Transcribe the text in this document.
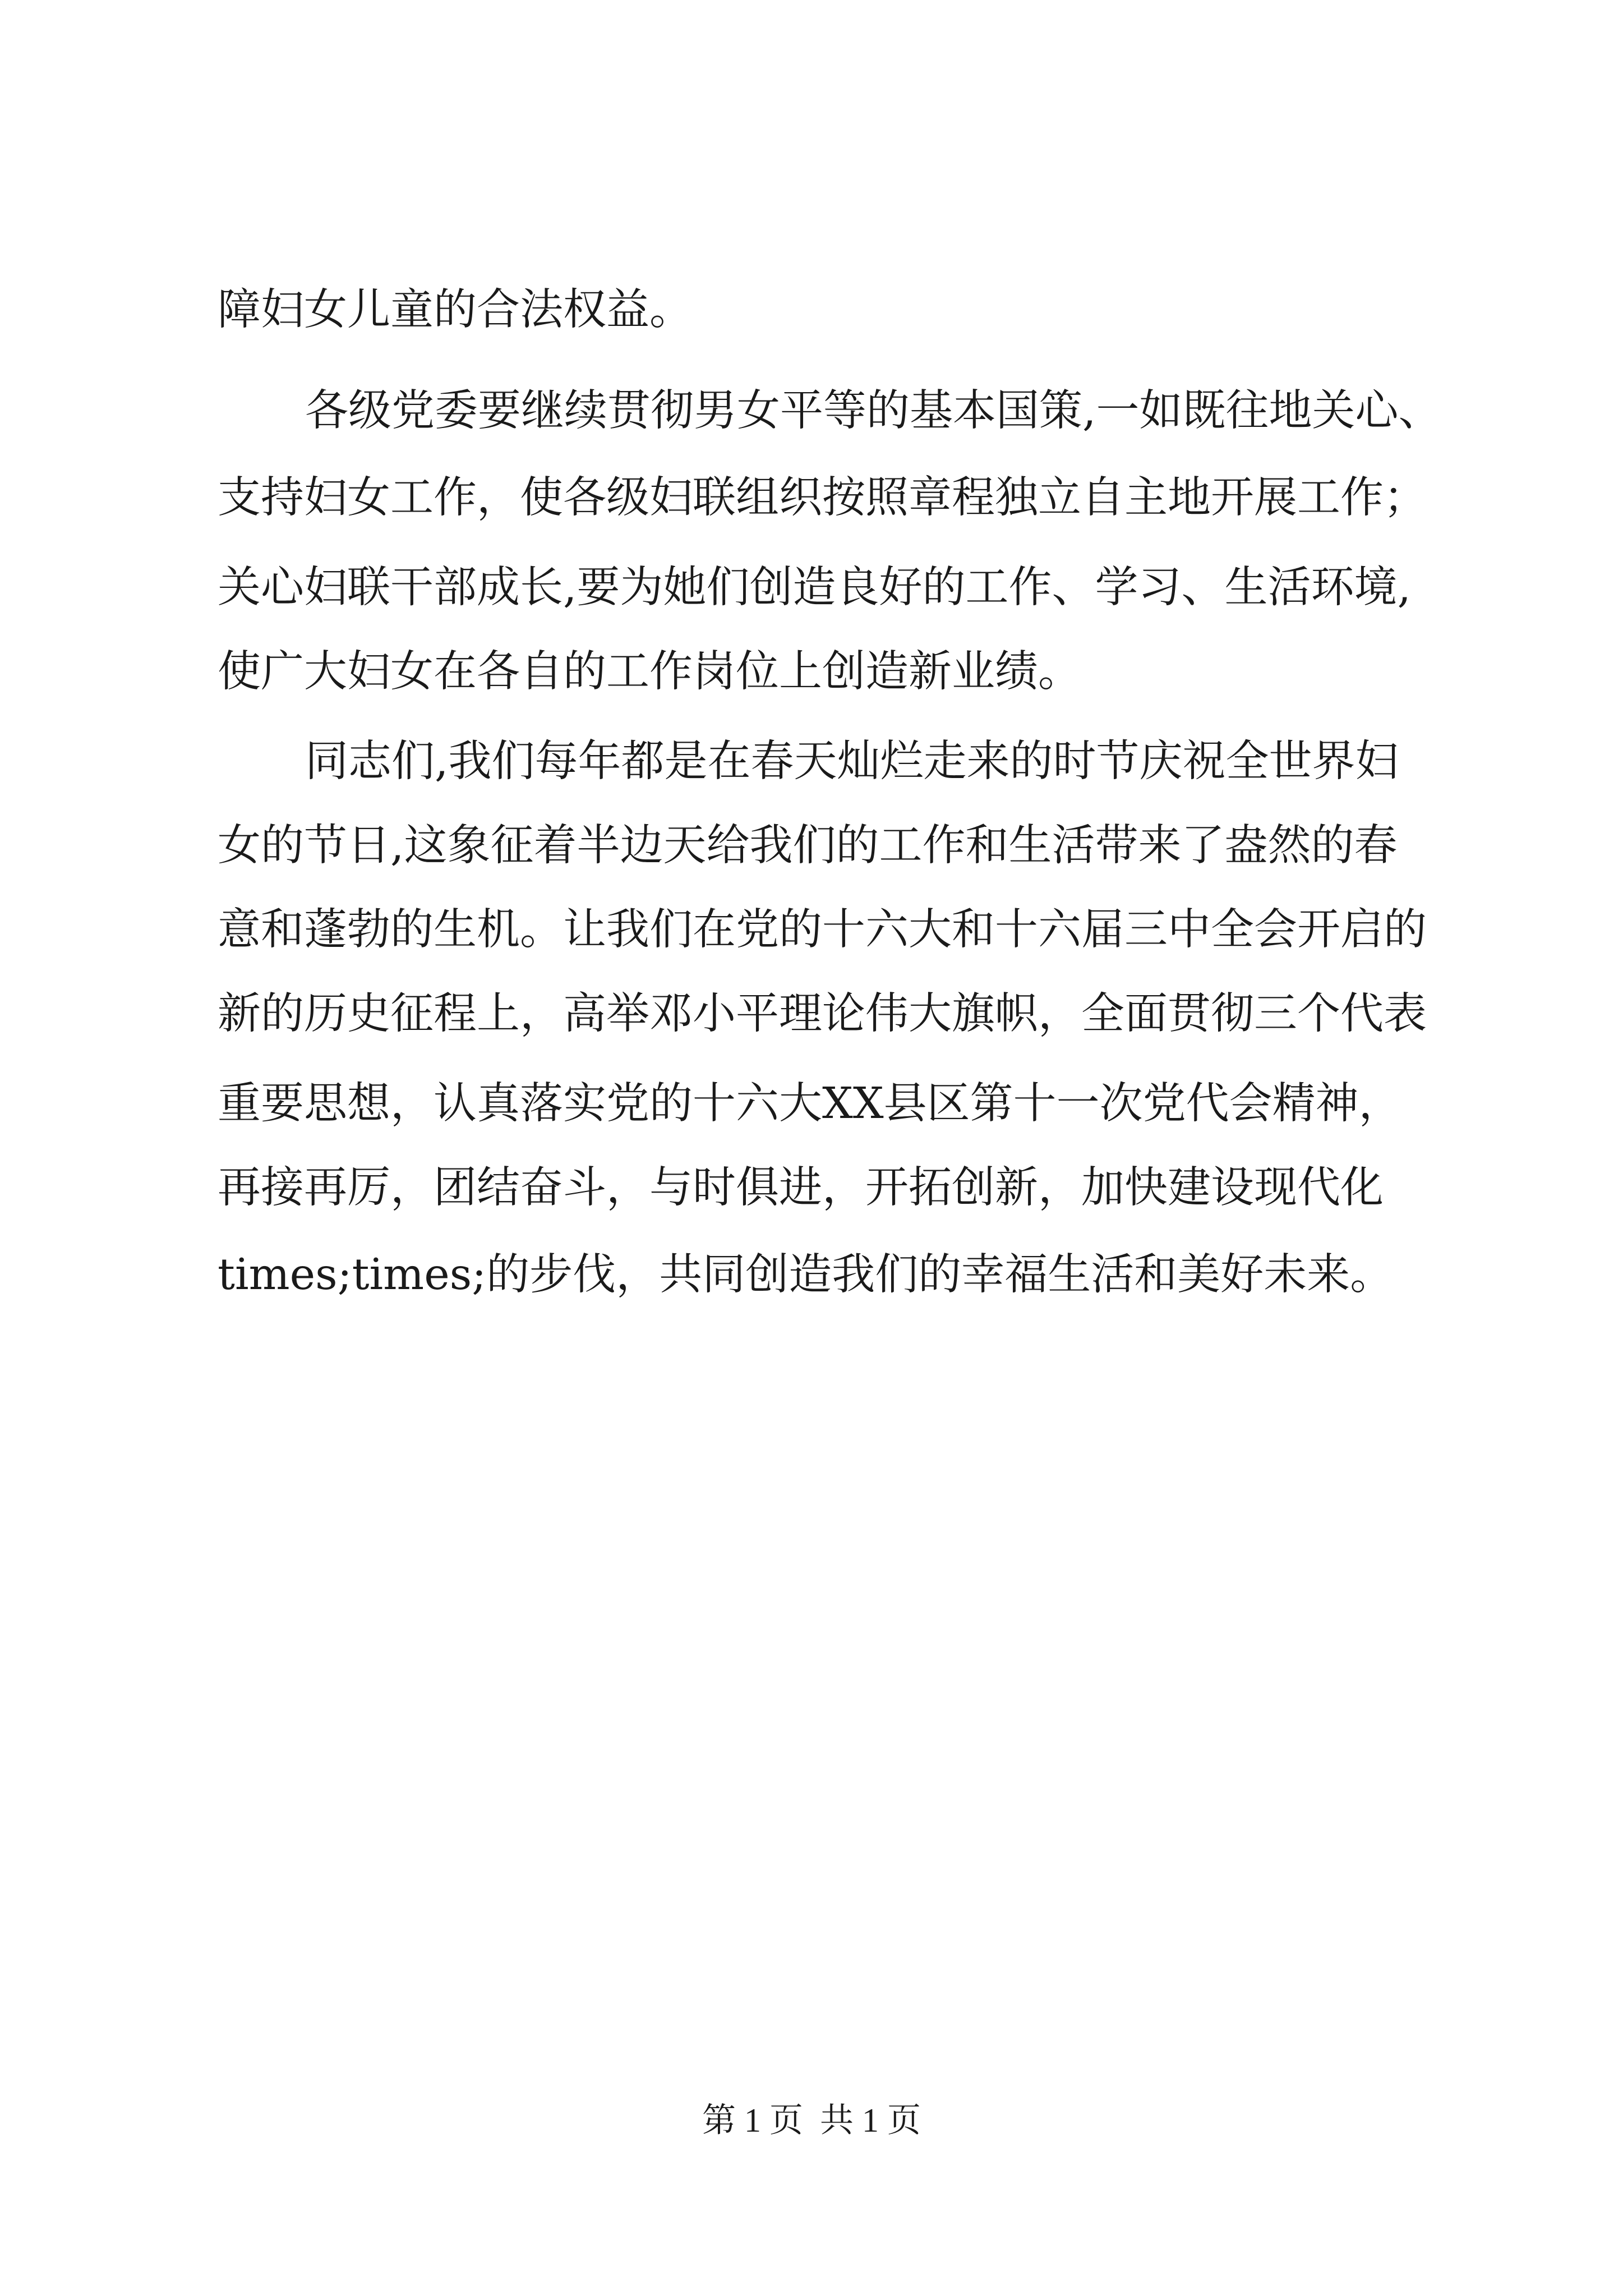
障妇女儿童的合法权益。
各级党委要继续贯彻男女平等的基本国策,一如既往地关心、
支持妇女工作，使各级妇联组织按照章程独立自主地开展工作；
关心妇联干部成长,要为她们创造良好的工作、学习、生活环境,
使广大妇女在各自的工作岗位上创造新业绩。
同志们,我们每年都是在春天灿烂走来的时节庆祝全世界妇
女的节日,这象征着半边天给我们的工作和生活带来了盎然的春
意和蓬勃的生机。让我们在党的十六大和十六届三中全会开启的
新的历史征程上，高举邓小平理论伟大旗帜，全面贯彻三个代表
重要思想，认真落实党的十六大XX县区第十一次党代会精神，
再接再厉，团结奋斗，与时俱进，开拓创新，加快建设现代化
times;times;的步伐，共同创造我们的幸福生活和美好未来。
第 1 页  共 1 页
